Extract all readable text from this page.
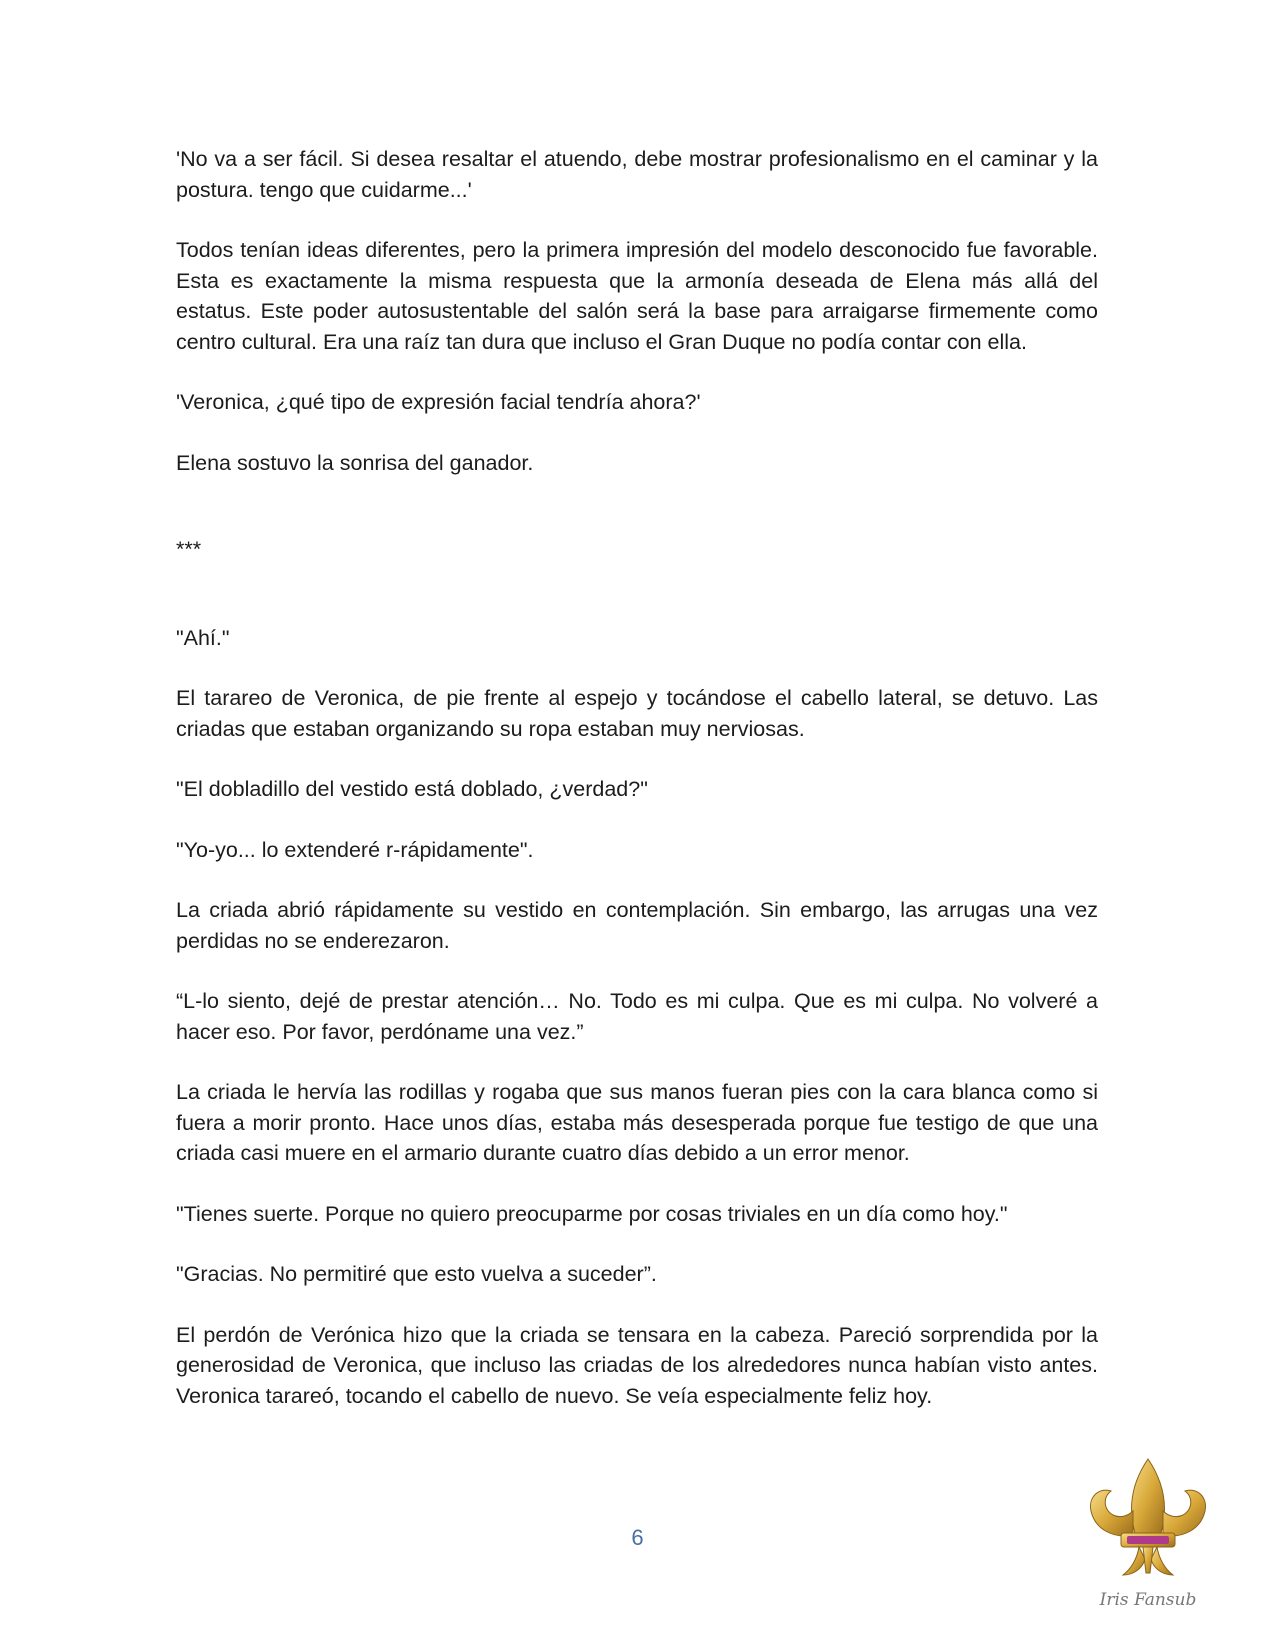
'No va a ser fácil. Si desea resaltar el atuendo, debe mostrar profesionalismo en el caminar y la postura. tengo que cuidarme...'

Todos tenían ideas diferentes, pero la primera impresión del modelo desconocido fue favorable. Esta es exactamente la misma respuesta que la armonía deseada de Elena más allá del estatus. Este poder autosustentable del salón será la base para arraigarse firmemente como centro cultural. Era una raíz tan dura que incluso el Gran Duque no podía contar con ella.

'Veronica, ¿qué tipo de expresión facial tendría ahora?'

Elena sostuvo la sonrisa del ganador.

***

"Ahí."

El tarareo de Veronica, de pie frente al espejo y tocándose el cabello lateral, se detuvo. Las criadas que estaban organizando su ropa estaban muy nerviosas.

"El dobladillo del vestido está doblado, ¿verdad?"

"Yo-yo... lo extenderé r-rápidamente".

La criada abrió rápidamente su vestido en contemplación. Sin embargo, las arrugas una vez perdidas no se enderezaron.

“L-lo siento, dejé de prestar atención… No. Todo es mi culpa. Que es mi culpa. No volveré a hacer eso. Por favor, perdóname una vez.”

La criada le hervía las rodillas y rogaba que sus manos fueran pies con la cara blanca como si fuera a morir pronto. Hace unos días, estaba más desesperada porque fue testigo de que una criada casi muere en el armario durante cuatro días debido a un error menor.

"Tienes suerte. Porque no quiero preocuparme por cosas triviales en un día como hoy."

"Gracias. No permitiré que esto vuelva a suceder”.

El perdón de Verónica hizo que la criada se tensara en la cabeza. Pareció sorprendida por la generosidad de Veronica, que incluso las criadas de los alrededores nunca habían visto antes. Veronica tarareó, tocando el cabello de nuevo. Se veía especialmente feliz hoy.

6
Iris Fansub
